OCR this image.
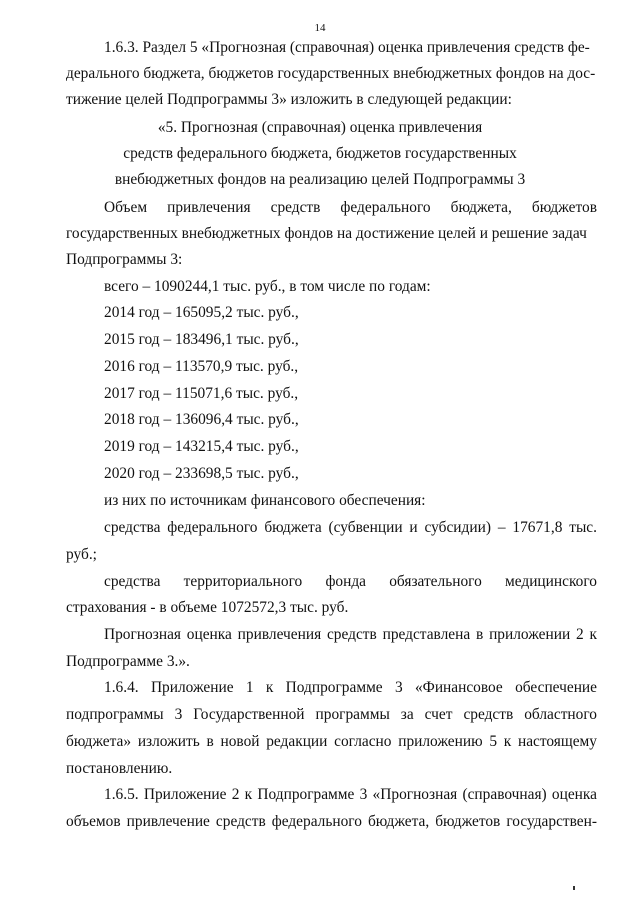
14
1.6.3. Раздел 5 «Прогнозная (справочная) оценка привлечения средств фе-
дерального бюджета, бюджетов государственных внебюджетных фондов на дос-
тижение целей Подпрограммы 3» изложить в следующей редакции:
«5. Прогнозная (справочная) оценка привлечения
средств федерального бюджета, бюджетов государственных
внебюджетных фондов на реализацию целей Подпрограммы 3
Объем привлечения средств федерального бюджета, бюджетов
государственных внебюджетных фондов на достижение целей и решение задач
Подпрограммы 3:
всего – 1090244,1 тыс. руб., в том числе по годам:
2014 год – 165095,2 тыс. руб.,
2015 год – 183496,1 тыс. руб.,
2016 год – 113570,9 тыс. руб.,
2017 год – 115071,6 тыс. руб.,
2018 год – 136096,4 тыс. руб.,
2019 год – 143215,4 тыс. руб.,
2020 год – 233698,5 тыс. руб.,
из них по источникам финансового обеспечения:
средства федерального бюджета (субвенции и субсидии) – 17671,8 тыс.
руб.;
средства территориального фонда обязательного медицинского
страхования - в объеме 1072572,3 тыс. руб.
Прогнозная оценка привлечения средств представлена в приложении 2 к
Подпрограмме 3.».
1.6.4. Приложение 1 к Подпрограмме 3 «Финансовое обеспечение
подпрограммы 3 Государственной программы за счет средств областного
бюджета» изложить в новой редакции согласно приложению 5 к настоящему
постановлению.
1.6.5. Приложение 2 к Подпрограмме 3 «Прогнозная (справочная) оценка
объемов привлечение средств федерального бюджета, бюджетов государствен-
